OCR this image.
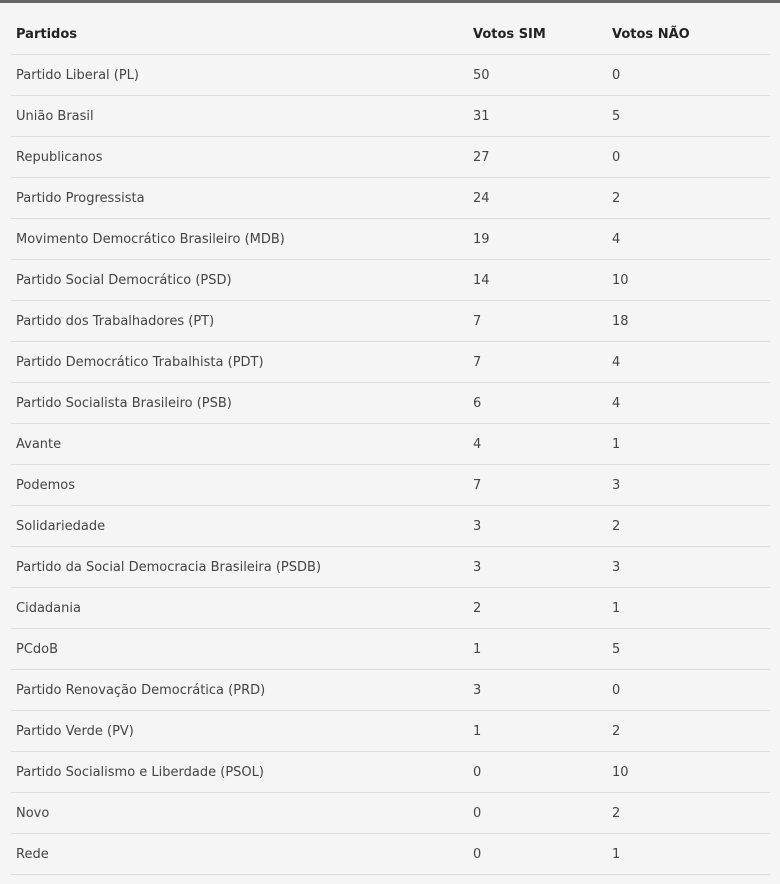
Partidos	Votos SIM	Votos NÃO
Partido Liberal (PL)	50	0
União Brasil	31	5
Republicanos	27	0
Partido Progressista	24	2
Movimento Democrático Brasileiro (MDB)	19	4
Partido Social Democrático (PSD)	14	10
Partido dos Trabalhadores (PT)	7	18
Partido Democrático Trabalhista (PDT)	7	4
Partido Socialista Brasileiro (PSB)	6	4
Avante	4	1
Podemos	7	3
Solidariedade	3	2
Partido da Social Democracia Brasileira (PSDB)	3	3
Cidadania	2	1
PCdoB	1	5
Partido Renovação Democrática (PRD)	3	0
Partido Verde (PV)	1	2
Partido Socialismo e Liberdade (PSOL)	0	10
Novo	0	2
Rede	0	1
